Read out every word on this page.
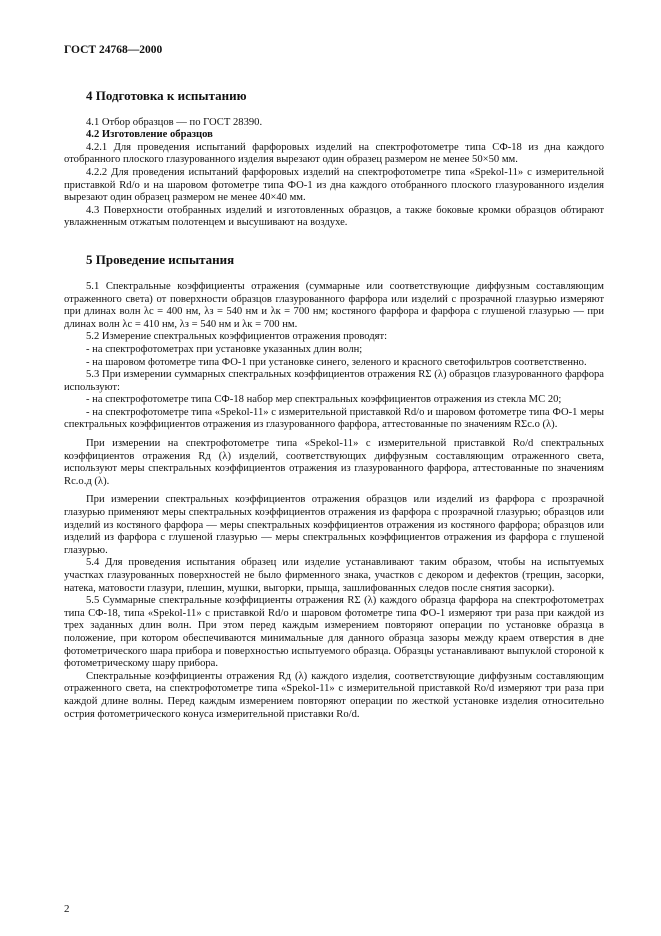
ГОСТ 24768—2000
4 Подготовка к испытанию

4.1 Отбор образцов — по ГОСТ 28390.

4.2 Изготовление образцов

4.2.1 Для проведения испытаний фарфоровых изделий на спектрофотометре типа СФ-18 из дна каждого отобранного плоского глазурованного изделия вырезают один образец размером не менее 50×50 мм.

4.2.2 Для проведения испытаний фарфоровых изделий на спектрофотометре типа «Spekol-11» с измерительной приставкой Rd/o и на шаровом фотометре типа ФО-1 из дна каждого отобранного плоского глазурованного изделия вырезают один образец размером не менее 40×40 мм.

4.3 Поверхности отобранных изделий и изготовленных образцов, а также боковые кромки образцов обтирают увлажненным отжатым полотенцем и высушивают на воздухе.

5 Проведение испытания

5.1 Спектральные коэффициенты отражения (суммарные или соответствующие диффузным составляющим отраженного света) от поверхности образцов глазурованного фарфора или изделий с прозрачной глазурью измеряют при длинах волн λс = 400 нм, λз = 540 нм и λк = 700 нм; костяного фарфора и фарфора с глушеной глазурью — при длинах волн λс = 410 нм, λз = 540 нм и λк = 700 нм.

5.2 Измерение спектральных коэффициентов отражения проводят:

- на спектрофотометрах при установке указанных длин волн;

- на шаровом фотометре типа ФО-1 при установке синего, зеленого и красного светофильтров соответственно.

5.3 При измерении суммарных спектральных коэффициентов отражения RΣ (λ) образцов глазурованного фарфора используют:

- на спектрофотометре типа СФ-18 набор мер спектральных коэффициентов отражения из стекла МС 20;

- на спектрофотометре типа «Spekol-11» с измерительной приставкой Rd/o и шаровом фотометре типа ФО-1 меры спектральных коэффициентов отражения из глазурованного фарфора, аттестованные по значениям RΣс.о (λ).

При измерении на спектрофотометре типа «Spekol-11» с измерительной приставкой Ro/d спектральных коэффициентов отражения Rд (λ) изделий, соответствующих диффузным составляющим отраженного света, используют меры спектральных коэффициентов отражения из глазурованного фарфора, аттестованные по значениям Rс.о.д (λ).

При измерении спектральных коэффициентов отражения образцов или изделий из фарфора с прозрачной глазурью применяют меры спектральных коэффициентов отражения из фарфора с прозрачной глазурью; образцов или изделий из костяного фарфора — меры спектральных коэффициентов отражения из костяного фарфора; образцов или изделий из фарфора с глушеной глазурью — меры спектральных коэффициентов отражения из фарфора с глушеной глазурью.

5.4 Для проведения испытания образец или изделие устанавливают таким образом, чтобы на испытуемых участках глазурованных поверхностей не было фирменного знака, участков с декором и дефектов (трещин, засорки, натека, матовости глазури, плешин, мушки, выгорки, прыща, зашлифованных следов после снятия засорки).

5.5 Суммарные спектральные коэффициенты отражения RΣ (λ) каждого образца фарфора на спектрофотометрах типа СФ-18, типа «Spekol-11» с приставкой Rd/o и шаровом фотометре типа ФО-1 измеряют три раза при каждой из трех заданных длин волн. При этом перед каждым измерением повторяют операции по установке образца в положение, при котором обеспечиваются минимальные для данного образца зазоры между краем отверстия в дне фотометрического шара прибора и поверхностью испытуемого образца. Образцы устанавливают выпуклой стороной к фотометрическому шару прибора.

Спектральные коэффициенты отражения Rд (λ) каждого изделия, соответствующие диффузным составляющим отраженного света, на спектрофотометре типа «Spekol-11» с измерительной приставкой Ro/d измеряют три раза при каждой длине волны. Перед каждым измерением повторяют операции по жесткой установке изделия относительно острия фотометрического конуса измерительной приставки Ro/d.

2
